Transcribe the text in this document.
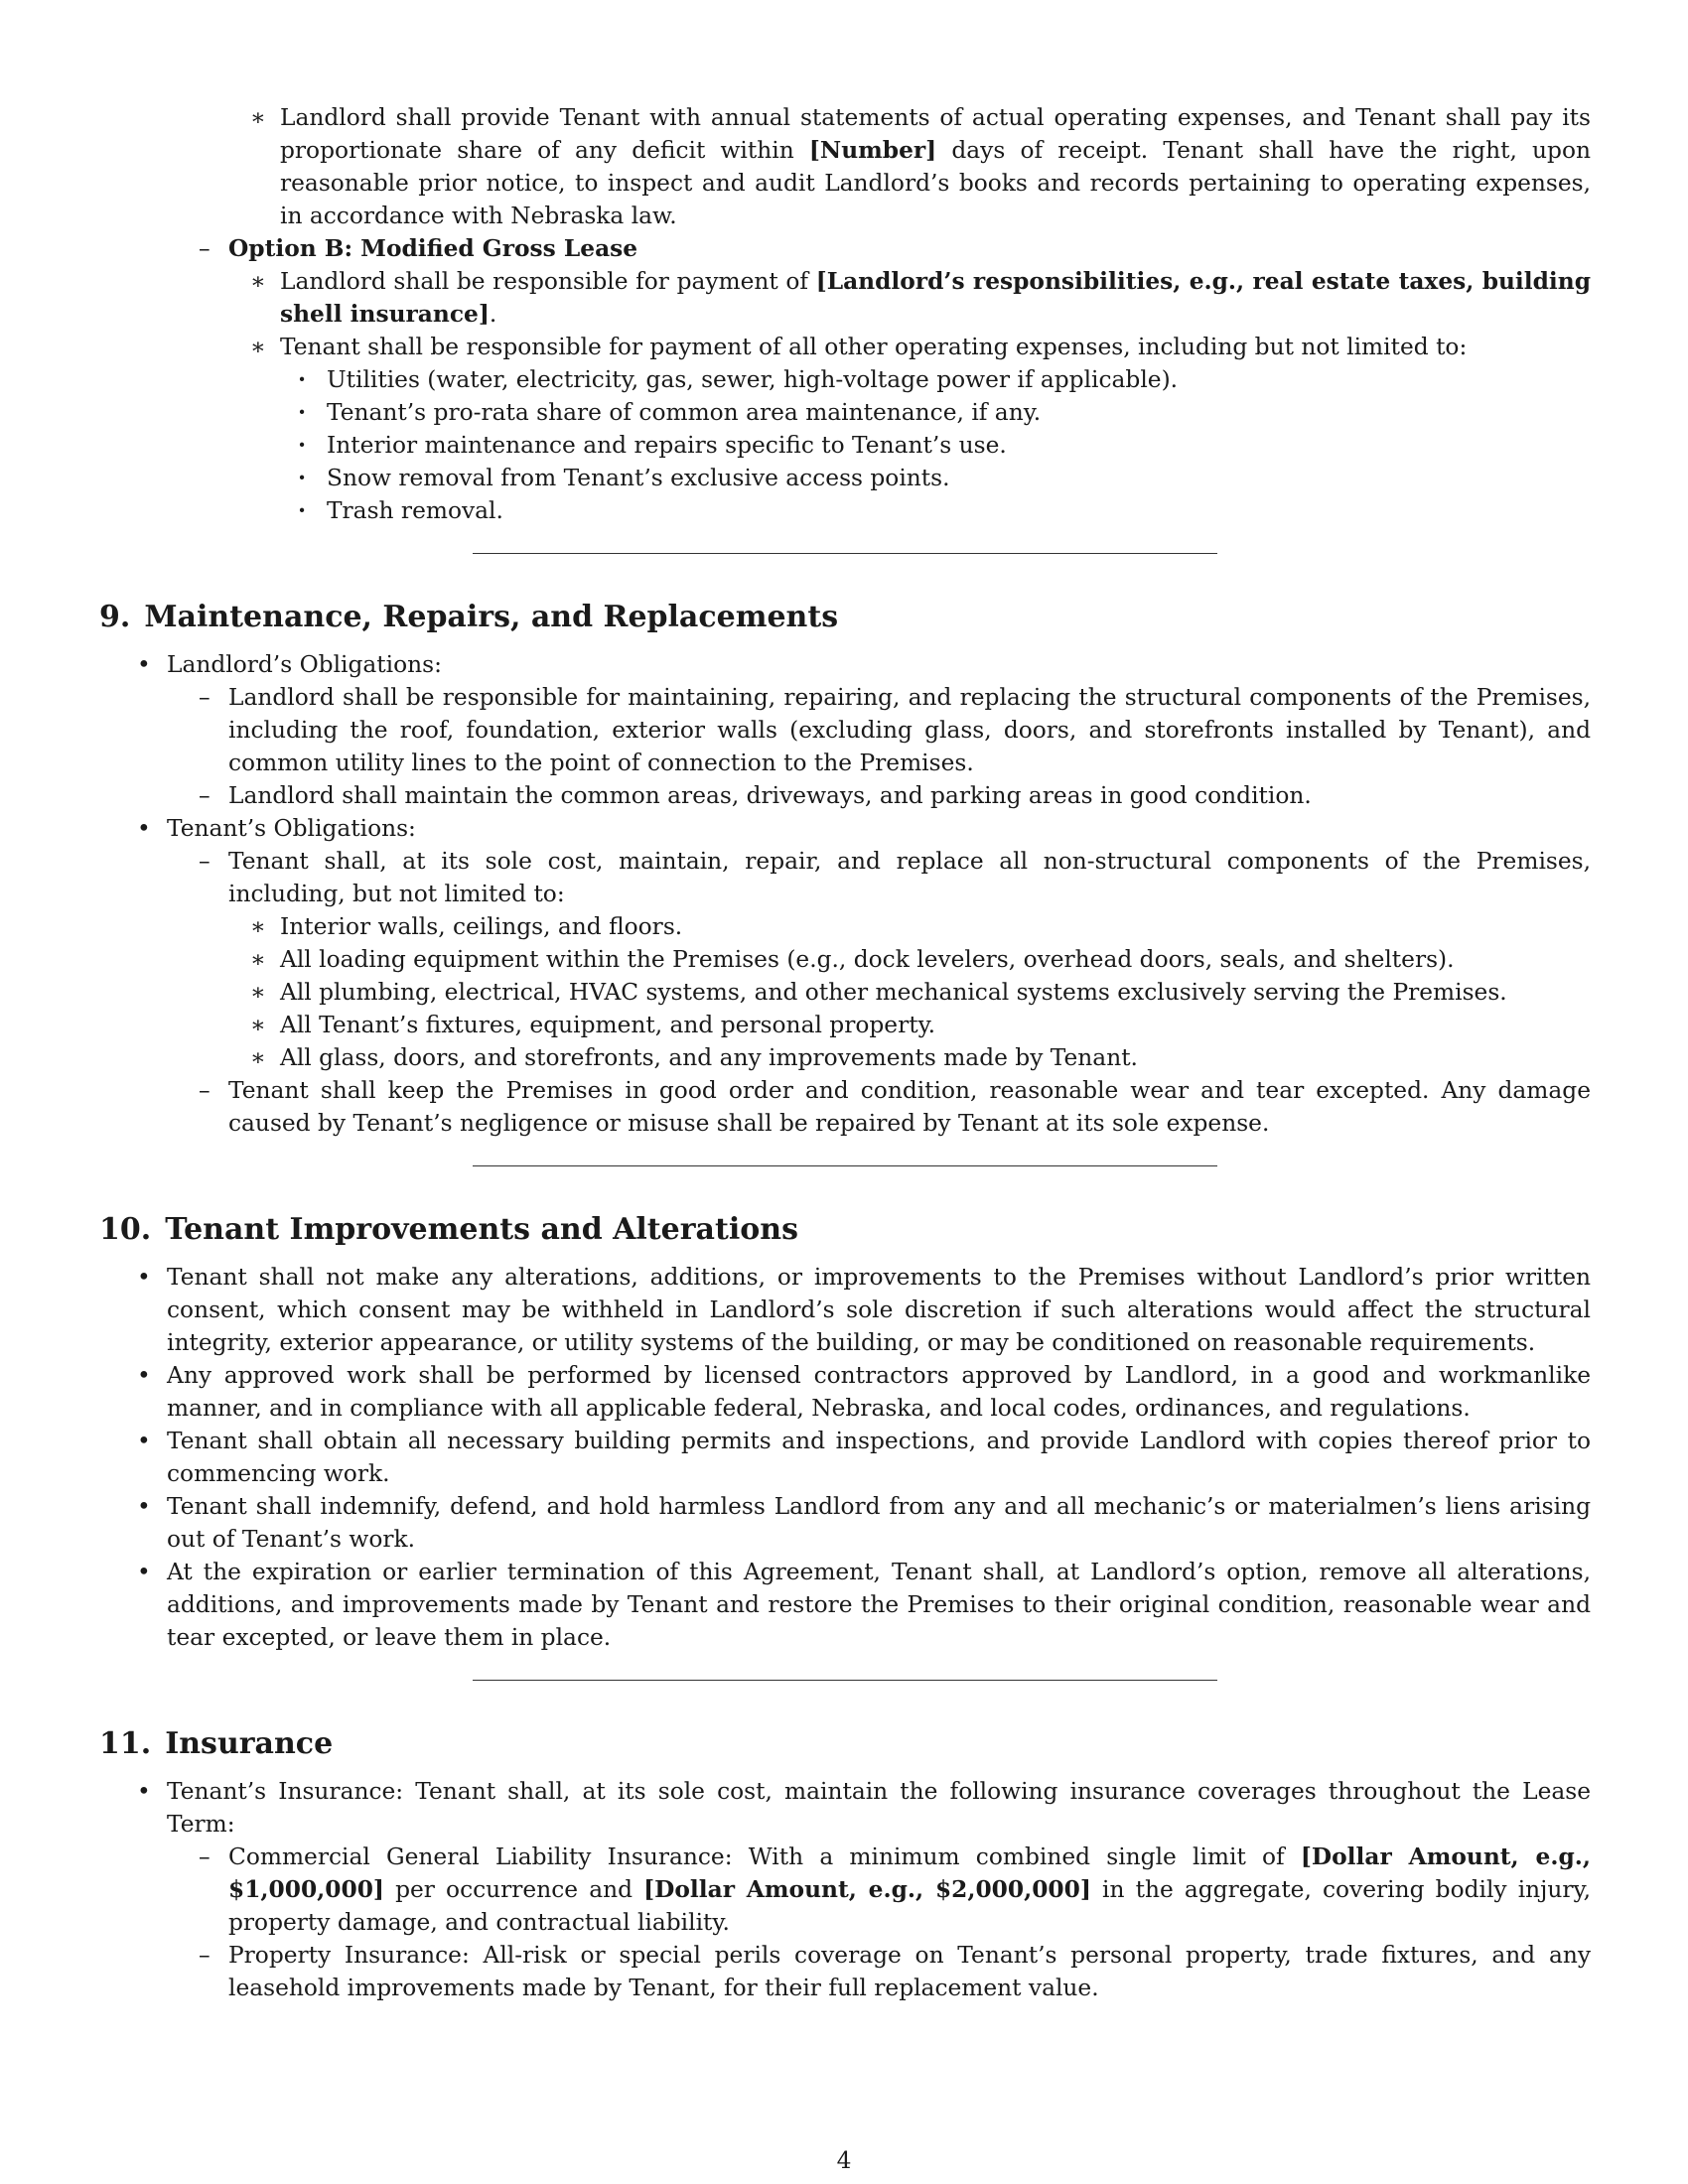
∗ Landlord shall provide Tenant with annual statements of actual operating expenses, and Tenant shall pay its proportionate share of any deficit within [Number] days of receipt. Tenant shall have the right, upon reasonable prior notice, to inspect and audit Landlord’s books and records pertaining to operating expenses, in accordance with Nebraska law.

– Option B: Modified Gross Lease

∗ Landlord shall be responsible for payment of [Landlord’s responsibilities, e.g., real estate taxes, building shell insurance].

∗ Tenant shall be responsible for payment of all other operating expenses, including but not limited to:

· Utilities (water, electricity, gas, sewer, high-voltage power if applicable).

· Tenant’s pro-rata share of common area maintenance, if any.

· Interior maintenance and repairs specific to Tenant’s use.

· Snow removal from Tenant’s exclusive access points.

· Trash removal.

9. Maintenance, Repairs, and Replacements

• Landlord’s Obligations:

– Landlord shall be responsible for maintaining, repairing, and replacing the structural components of the Premises, including the roof, foundation, exterior walls (excluding glass, doors, and storefronts installed by Tenant), and common utility lines to the point of connection to the Premises.

– Landlord shall maintain the common areas, driveways, and parking areas in good condition.

• Tenant’s Obligations:

– Tenant shall, at its sole cost, maintain, repair, and replace all non-structural components of the Premises, including, but not limited to:

∗ Interior walls, ceilings, and floors.

∗ All loading equipment within the Premises (e.g., dock levelers, overhead doors, seals, and shelters).

∗ All plumbing, electrical, HVAC systems, and other mechanical systems exclusively serving the Premises.

∗ All Tenant’s fixtures, equipment, and personal property.

∗ All glass, doors, and storefronts, and any improvements made by Tenant.

– Tenant shall keep the Premises in good order and condition, reasonable wear and tear excepted. Any damage caused by Tenant’s negligence or misuse shall be repaired by Tenant at its sole expense.

10. Tenant Improvements and Alterations

• Tenant shall not make any alterations, additions, or improvements to the Premises without Landlord’s prior written consent, which consent may be withheld in Landlord’s sole discretion if such alterations would affect the structural integrity, exterior appearance, or utility systems of the building, or may be conditioned on reasonable requirements.

• Any approved work shall be performed by licensed contractors approved by Landlord, in a good and workmanlike manner, and in compliance with all applicable federal, Nebraska, and local codes, ordinances, and regulations.

• Tenant shall obtain all necessary building permits and inspections, and provide Landlord with copies thereof prior to commencing work.

• Tenant shall indemnify, defend, and hold harmless Landlord from any and all mechanic’s or materialmen’s liens arising out of Tenant’s work.

• At the expiration or earlier termination of this Agreement, Tenant shall, at Landlord’s option, remove all alterations, additions, and improvements made by Tenant and restore the Premises to their original condition, reasonable wear and tear excepted, or leave them in place.

11. Insurance

• Tenant’s Insurance: Tenant shall, at its sole cost, maintain the following insurance coverages throughout the Lease Term:

– Commercial General Liability Insurance: With a minimum combined single limit of [Dollar Amount, e.g., $1,000,000] per occurrence and [Dollar Amount, e.g., $2,000,000] in the aggregate, covering bodily injury, property damage, and contractual liability.

– Property Insurance: All-risk or special perils coverage on Tenant’s personal property, trade fixtures, and any leasehold improvements made by Tenant, for their full replacement value.

4
